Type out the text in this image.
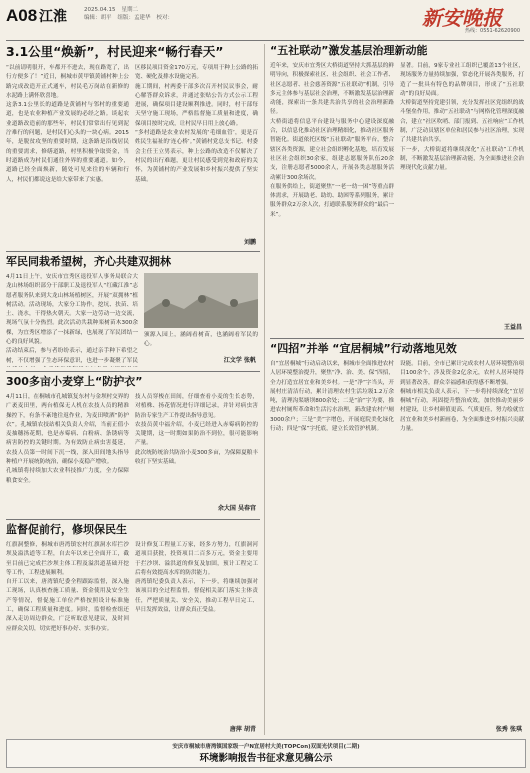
A08 江淮	2025.04.15 星期二
编辑：胡平 组版：孟建华 校对：	新安晚报
热线：0551-62620900
3.1公里“焕新”，村民迎来“畅行春天”

“以前请明很开，车都开不进去，现在路宽了，出行方便多了！”近日，桐城市黄甲镇黄铺村种上公路完成改造开正式通车，村民毛万岗站在新修的水泥路上满怀欣喜地。
这条3.1公里长的道路是黄铺村与邻村的重要通道，也是农业种植产业发展的必经之路。谈起农业道路改造前的那些年，村民们常常出行见到泥泞难行的问题，是村民们心头的一块心病。2015年，是脱贫攻坚的重要时期，这条路是沿线居民的重要需求，修缮道路，村里积极争取资金，当时道路成为村民们通往外界的重要通道。如今，道路已经全面焕新，随处可见来往的车辆和行人，村民们都说这是给大家带来了实惠。

区移民项目资金170万元，专项用于种上公路的拓宽、硬化及排水设施完善。
施工期间，村两委干部多次召开村民议事会，耐心解答群众诉求，并通过张贴公告方式公示工程进展，确保项目建设顺利推进。同时，村干部每天坚守施工现场，严格监督施工质量和进度，确保项目按时完成，让村民早日用上放心路。
“多村道路是农业农村发展的‘毛细血管’，更是百姓民生福祉的‘连心桥’。”黄铺村党总支书记、村委会主任王立男表示，种上公路的改造不仅解决了村民的出行难题，更让村民感受到党和政府的关怀，为黄铺村的产业发展和乡村振兴提供了坚实基础。

刘鹏
军民同栽希望树，齐心共建双拥林

4月11日上午，安庆市宜秀区退役军人事务局联合大龙山林场组织部分干部职工及退役军人“红藏江淮”志愿者服务队来到大龙山林场植树区，开展“双拥林”植树活动。活动现场，大家分工协作，挖坑、扶苗、培土、浇水，干得热火朝天。大家一边劳动一边交流，现场气氛十分热烈。此次活动共栽种栾树苗木300余棵，为宜秀区增添了一抹新绿，也展现了军民团结一心的良好风貌。
活动结束后，参与者纷纷表示，通过亲手种下希望之树，不仅增强了生态环保意识，也进一步凝聚了军民

颁源入园上，涵阔看树苗，也涵阔看军民的心。

江文学 张帆
300多亩小麦穿上“防护衣”

4月11日，在桐城市孔城镇复东村与金坝村交界的广袤麦田里，两台植保无人机在农技人员的精准操控下，有条不紊地往返作业，为麦田喷洒“防护衣”。孔城镇农技站相关负责人介绍，当前正值小麦抽穗扬花期，也是赤霉病、白粉病、条锈病等病害防控的关键时期。为有效防止病虫害蔓延，农技人员第一时间下沉一线，深入田间地头指导种植户开展统防统治，确保小麦稳产增收。
孔城镇将持续加大农业科技推广力度，全力保障粮食安全。

技人员穿梭在田间，仔细查看小麦的生长态势，对植株、扬花情况进行详细记录，并针对病虫害防治专家生产工作提出指导意见。
农技员黄中福介绍，小麦已经进入赤霉病防控的关键期，这一时期如果防治不到位，很可能影响产量。
此次统防统治共防治小麦300多亩，为保障夏粮丰收打下坚实基础。

余大国 吴春宫
监督促前行，修坝保民生

红旗洞整修，桐城市唐湾镇宏村红旗洞水库拦沙坝及溢洪道等工程，自去年以来已全面开工，截至目前已完成拦沙坝主体工程及溢洪道基础开挖等工作，工程进展顺利。
自开工以来，唐湾镇纪委全程跟踪监督，深入施工现场，认真核查施工质量、资金使用及安全生产等情况，督促施工单位严格按照设计标准施工，确保工程质量和进度。同时，监督检查组还深入走访周边群众，广泛听取意见建议，及时回应群众关切，切实把好事办好、实事办实。

设计修复工程量工万家，经多方努力，红旗洞河道项目获批，投资项目二百多万元，资金主要用于拦沙坝、溢洪道的修复及加固，预计工程完工后将有效提高水库的防洪能力。
唐湾镇纪委负责人表示，下一步，将继续加强对该项目的全过程监督，督促相关部门落实主体责任，严把质量关、安全关，推动工程早日完工、早日发挥效益，让群众真正受益。

唐萍 胡青
“五社联动”激发基层治理新动能

近年来，安庆市宜秀区大桥街道坚持大抓基层的鲜明导向，积极探索社区、社会组织、社会工作者、社区志愿者、社会慈善资源“五社联动”机制，引导多元主体参与基层社会治理，不断激发基层治理新动能，探索出一条共建共治共享的社会治理新路径。
大桥街道将信息平台建设与服务中心建设深度融合，以信息化推动社区治理精细化，推动社区服务智能化。街道依托区级“五社联动”服务平台，整合辖区各类资源，建立社会组织孵化基地，培育发展社区社会组织30余家，组建志愿服务队伍20余支，注册志愿者5000余人，开展各类志愿服务活动累计300余场次。
在服务供给上，街道聚焦“一老一幼一困”等重点群体需求，开展助老、助幼、助困等系列服务，累计服务群众2万余人次，打通联系服务群众的“最后一米”。

显著。目前，9家专业社工组织已覆盖13个社区，现场服务力量持续加强，常态化开展各类服务，打造了一批具有特色的品牌项目，形成了“五社联动”的良好局面。
大桥街道坚持党建引领，充分发挥社区党组织的战斗堡垒作用，推动“五社联动”与网格化管理深度融合，建立“社区吹哨、部门报到、五社响应”工作机制，广泛动员辖区单位和居民参与社区治理，实现了共建共治共享。
下一步，大桥街道将继续深化“五社联动”工作机制，不断激发基层治理新动能，为全面推进社会治理现代化贡献力量。

王益昌
“四招”并举 “宜居桐城”行动落地见效

自“宜居桐城”行动启动以来，桐城市全面推进农村人居环境整治提升，聚焦“净、治、美、保”四招，全力打造宜居宜业和美乡村。一是“净”字当头，开展村庄清洁行动，累计清理农村生活垃圾1.2万余吨，清理沟渠塘坝800余处；二是“治”字为要，推进农村厕所革命和生活污水治理，新改建农村户厕3000余户；三是“美”字增色，开展庭院美化绿化行动；四是“保”字托底，建立长效管护机制。

设能。目前，全市已累计完成农村人居环境整治项目100余个，涉及资金2亿余元，农村人居环境得到显著改善，群众幸福感和获得感不断增强。
桐城市相关负责人表示，下一步将持续深化“宜居桐城”行动，巩固提升整治成效，加快推动美丽乡村建设，让乡村颜值更高、气质更佳，努力绘就宜居宜业和美乡村新画卷，为全面推进乡村振兴贡献力量。

张秀 张琪
安庆市桐城市唐湾镇国家级一户N宜居村大美(TOPCon)双面光伏项目(二期)
环境影响报告书征求意见稿公示
